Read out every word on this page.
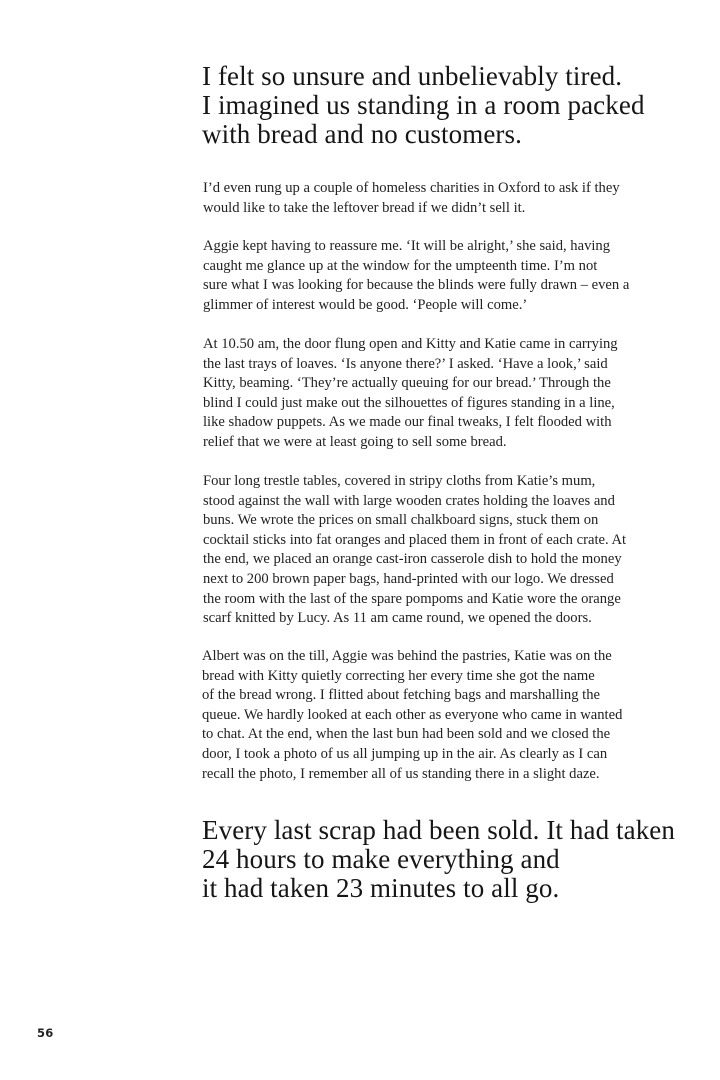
I felt so unsure and unbelievably tired.
I imagined us standing in a room packed
with bread and no customers.

I’d even rung up a couple of homeless charities in Oxford to ask if they
would like to take the leftover bread if we didn’t sell it.

Aggie kept having to reassure me. ‘It will be alright,’ she said, having
caught me glance up at the window for the umpteenth time. I’m not
sure what I was looking for because the blinds were fully drawn – even a
glimmer of interest would be good. ‘People will come.’

At 10.50 am, the door flung open and Kitty and Katie came in carrying
the last trays of loaves. ‘Is anyone there?’ I asked. ‘Have a look,’ said
Kitty, beaming. ‘They’re actually queuing for our bread.’ Through the
blind I could just make out the silhouettes of figures standing in a line,
like shadow puppets. As we made our final tweaks, I felt flooded with
relief that we were at least going to sell some bread.

Four long trestle tables, covered in stripy cloths from Katie’s mum,
stood against the wall with large wooden crates holding the loaves and
buns. We wrote the prices on small chalkboard signs, stuck them on
cocktail sticks into fat oranges and placed them in front of each crate. At
the end, we placed an orange cast-iron casserole dish to hold the money
next to 200 brown paper bags, hand-printed with our logo. We dressed
the room with the last of the spare pompoms and Katie wore the orange
scarf knitted by Lucy. As 11 am came round, we opened the doors.

Albert was on the till, Aggie was behind the pastries, Katie was on the
bread with Kitty quietly correcting her every time she got the name
of the bread wrong. I flitted about fetching bags and marshalling the
queue. We hardly looked at each other as everyone who came in wanted
to chat. At the end, when the last bun had been sold and we closed the
door, I took a photo of us all jumping up in the air. As clearly as I can
recall the photo, I remember all of us standing there in a slight daze.

Every last scrap had been sold. It had taken
24 hours to make everything and
it had taken 23 minutes to all go.
56
